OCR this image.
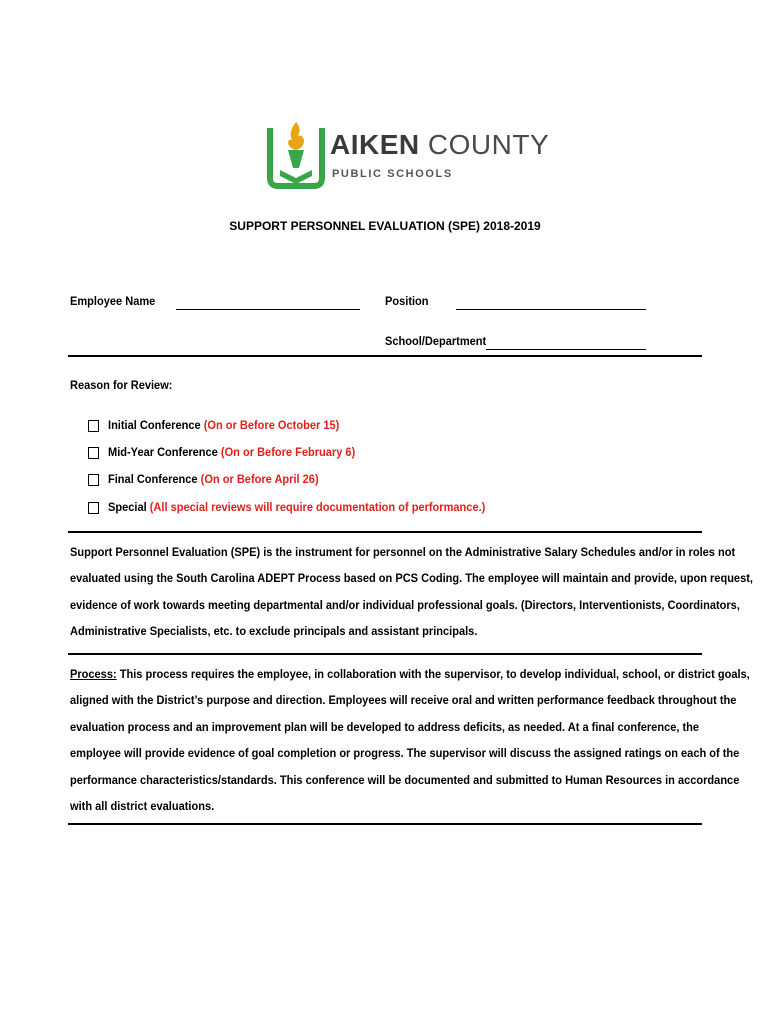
AIKEN COUNTY
PUBLIC SCHOOLS
SUPPORT PERSONNEL EVALUATION (SPE) 2018-2019
Employee Name	Position
School/Department
Reason for Review:
Initial Conference (On or Before October 15)
Mid-Year Conference (On or Before February 6)
Final Conference (On or Before April 26)
Special (All special reviews will require documentation of performance.)
Support Personnel Evaluation (SPE) is the instrument for personnel on the Administrative Salary Schedules and/or in roles not
evaluated using the South Carolina ADEPT Process based on PCS Coding. The employee will maintain and provide, upon request,
evidence of work towards meeting departmental and/or individual professional goals. (Directors, Interventionists, Coordinators,
Administrative Specialists, etc. to exclude principals and assistant principals.
Process: This process requires the employee, in collaboration with the supervisor, to develop individual, school, or district goals,
aligned with the District’s purpose and direction. Employees will receive oral and written performance feedback throughout the
evaluation process and an improvement plan will be developed to address deficits, as needed. At a final conference, the
employee will provide evidence of goal completion or progress. The supervisor will discuss the assigned ratings on each of the
performance characteristics/standards. This conference will be documented and submitted to Human Resources in accordance
with all district evaluations.
